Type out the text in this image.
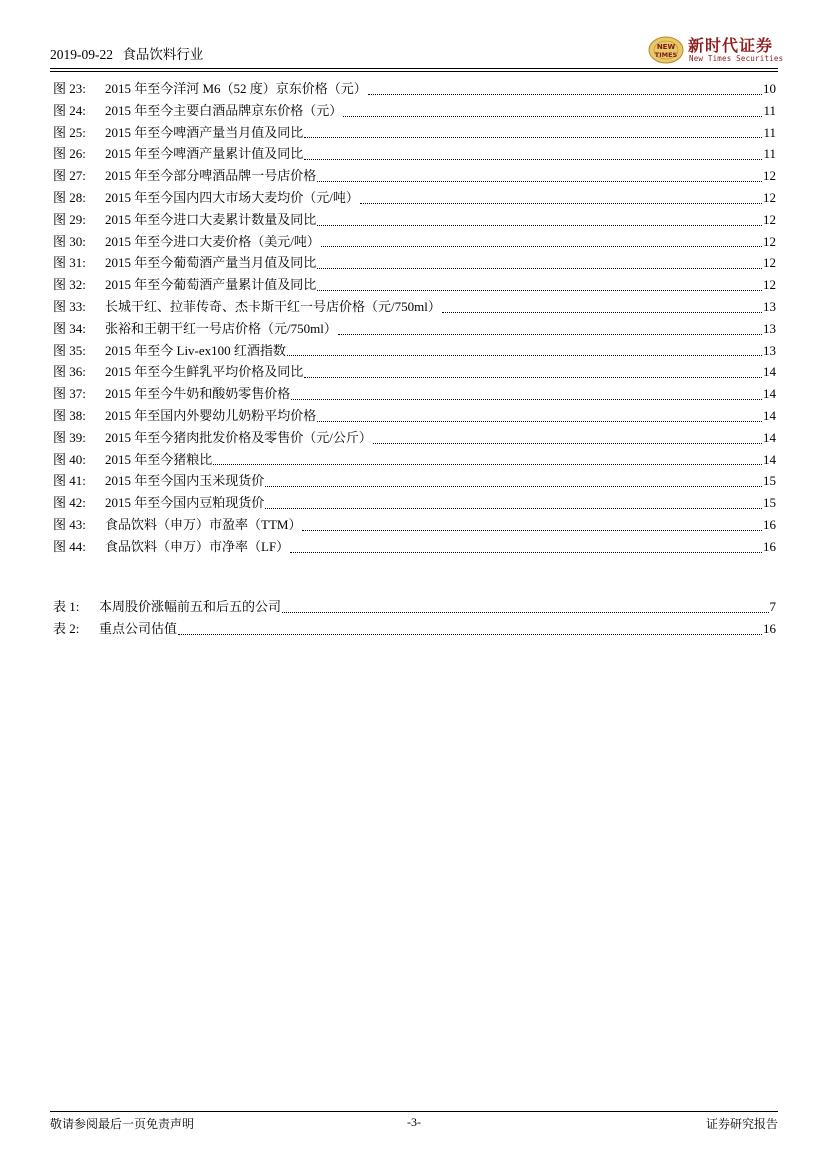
2019-09-22 食品饮料行业	NEW
TIMES 新时代证券
New Times Securities
图 23:	2015 年至今洋河 M6（52 度）京东价格（元）	10
图 24:	2015 年至今主要白酒品牌京东价格（元）	11
图 25:	2015 年至今啤酒产量当月值及同比	11
图 26:	2015 年至今啤酒产量累计值及同比	11
图 27:	2015 年至今部分啤酒品牌一号店价格	12
图 28:	2015 年至今国内四大市场大麦均价（元/吨）	12
图 29:	2015 年至今进口大麦累计数量及同比	12
图 30:	2015 年至今进口大麦价格（美元/吨）	12
图 31:	2015 年至今葡萄酒产量当月值及同比	12
图 32:	2015 年至今葡萄酒产量累计值及同比	12
图 33:	长城干红、拉菲传奇、杰卡斯干红一号店价格（元/750ml）	13
图 34:	张裕和王朝干红一号店价格（元/750ml）	13
图 35:	2015 年至今 Liv-ex100 红酒指数	13
图 36:	2015 年至今生鲜乳平均价格及同比	14
图 37:	2015 年至今牛奶和酸奶零售价格	14
图 38:	2015 年至国内外婴幼儿奶粉平均价格	14
图 39:	2015 年至今猪肉批发价格及零售价（元/公斤）	14
图 40:	2015 年至今猪粮比	14
图 41:	2015 年至今国内玉米现货价	15
图 42:	2015 年至今国内豆粕现货价	15
图 43:	食品饮料（申万）市盈率（TTM）	16
图 44:	食品饮料（申万）市净率（LF）	16
表 1:	本周股价涨幅前五和后五的公司	7
表 2:	重点公司估值	16
敬请参阅最后一页免责声明	-3-	证券研究报告
